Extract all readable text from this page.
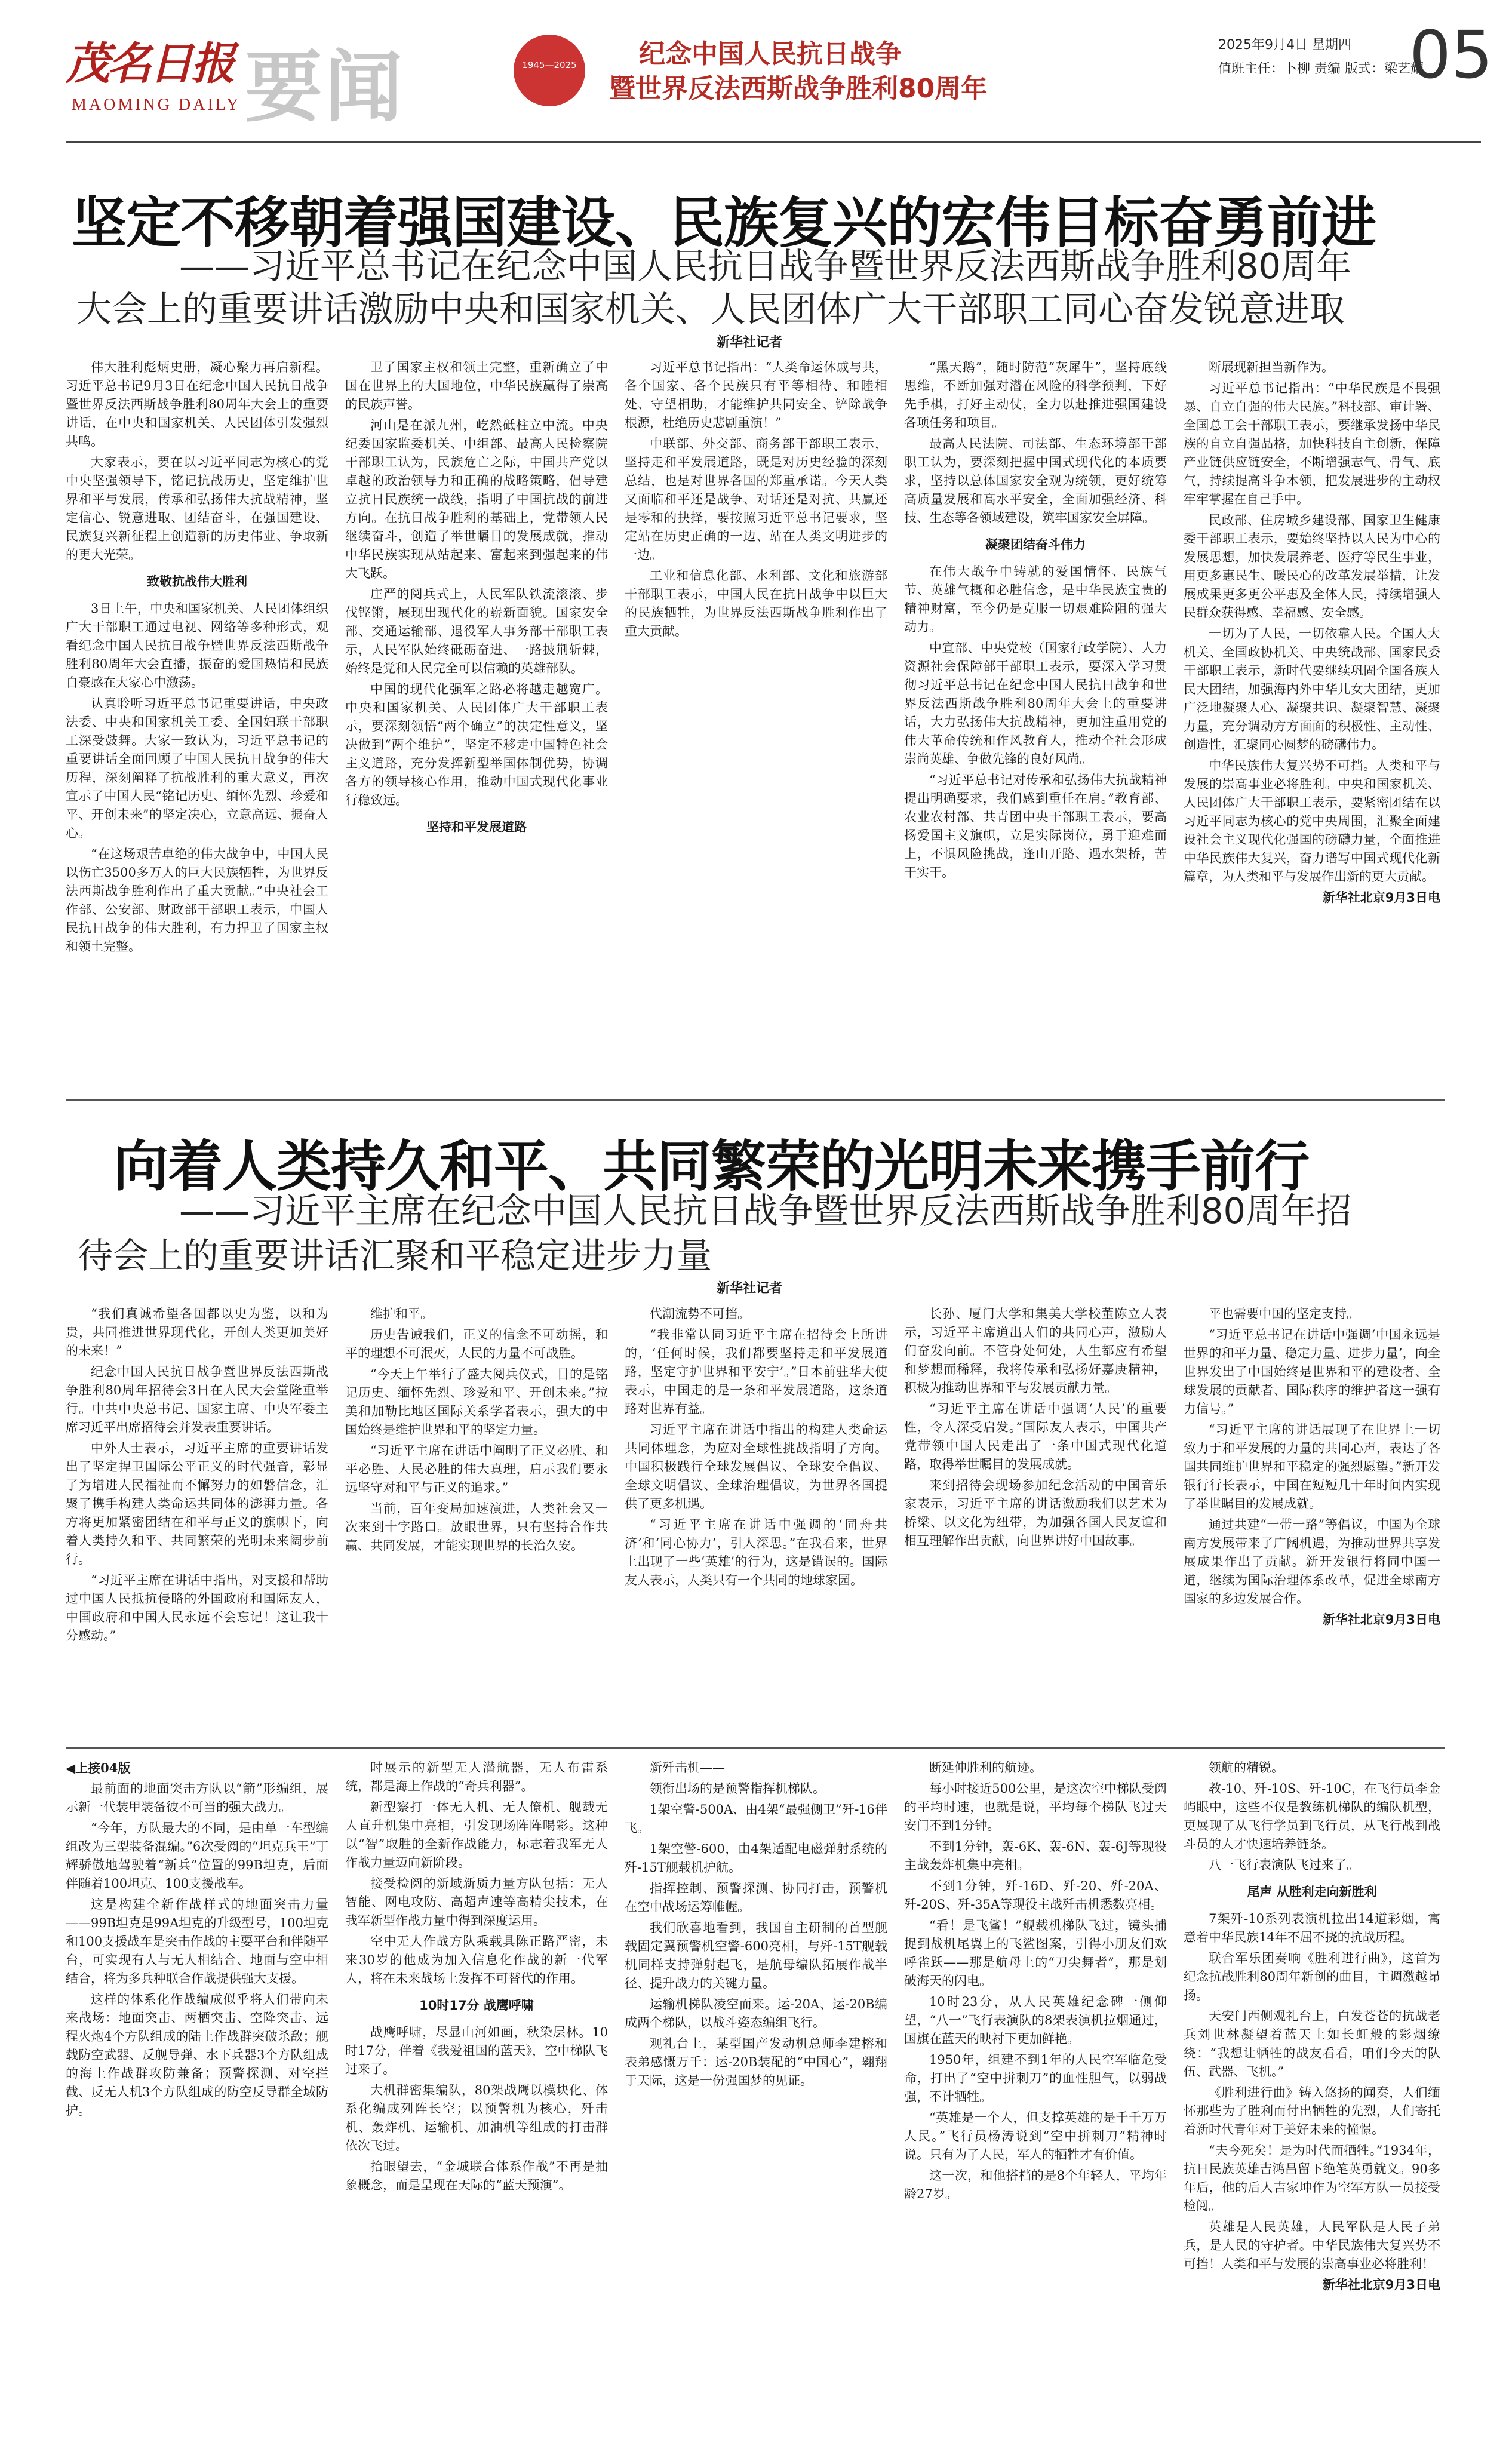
茂名日报
MAOMING DAILY 要闻	1945—2025	纪念中国人民抗日战争
暨世界反法西斯战争胜利80周年
2025年9月4日 星期四
值班主任：卜柳 责编 版式：梁艺耀
05
坚定不移朝着强国建设、民族复兴的宏伟目标奋勇前进
——习近平总书记在纪念中国人民抗日战争暨世界反法西斯战争胜利80周年
大会上的重要讲话激励中央和国家机关、人民团体广大干部职工同心奋发锐意进取
新华社记者

伟大胜利彪炳史册，凝心聚力再启新程。习近平总书记9月3日在纪念中国人民抗日战争暨世界反法西斯战争胜利80周年大会上的重要讲话，在中央和国家机关、人民团体引发强烈共鸣。

大家表示，要在以习近平同志为核心的党中央坚强领导下，铭记抗战历史，坚定维护世界和平与发展，传承和弘扬伟大抗战精神，坚定信心、锐意进取、团结奋斗，在强国建设、民族复兴新征程上创造新的历史伟业、争取新的更大光荣。

致敬抗战伟大胜利

3日上午，中央和国家机关、人民团体组织广大干部职工通过电视、网络等多种形式，观看纪念中国人民抗日战争暨世界反法西斯战争胜利80周年大会直播，振奋的爱国热情和民族自豪感在大家心中激荡。

认真聆听习近平总书记重要讲话，中央政法委、中央和国家机关工委、全国妇联干部职工深受鼓舞。大家一致认为，习近平总书记的重要讲话全面回顾了中国人民抗日战争的伟大历程，深刻阐释了抗战胜利的重大意义，再次宣示了中国人民“铭记历史、缅怀先烈、珍爱和平、开创未来”的坚定决心，立意高远、振奋人心。

“在这场艰苦卓绝的伟大战争中，中国人民以伤亡3500多万人的巨大民族牺牲，为世界反法西斯战争胜利作出了重大贡献。”中央社会工作部、公安部、财政部干部职工表示，中国人民抗日战争的伟大胜利，有力捍卫了国家主权和领土完整。

卫了国家主权和领土完整，重新确立了中国在世界上的大国地位，中华民族赢得了崇高的民族声誉。

河山是在派九州，屹然砥柱立中流。中央纪委国家监委机关、中组部、最高人民检察院干部职工认为，民族危亡之际，中国共产党以卓越的政治领导力和正确的战略策略，倡导建立抗日民族统一战线，指明了中国抗战的前进方向。在抗日战争胜利的基础上，党带领人民继续奋斗，创造了举世瞩目的发展成就，推动中华民族实现从站起来、富起来到强起来的伟大飞跃。

庄严的阅兵式上，人民军队铁流滚滚、步伐铿锵，展现出现代化的崭新面貌。国家安全部、交通运输部、退役军人事务部干部职工表示，人民军队始终砥砺奋进、一路披荆斩棘，始终是党和人民完全可以信赖的英雄部队。

中国的现代化强军之路必将越走越宽广。中央和国家机关、人民团体广大干部职工表示，要深刻领悟“两个确立”的决定性意义，坚决做到“两个维护”，坚定不移走中国特色社会主义道路，充分发挥新型举国体制优势，协调各方的领导核心作用，推动中国式现代化事业行稳致远。

坚持和平发展道路

习近平总书记指出：“人类命运休戚与共，各个国家、各个民族只有平等相待、和睦相处、守望相助，才能维护共同安全、铲除战争根源，杜绝历史悲剧重演！”

中联部、外交部、商务部干部职工表示，坚持走和平发展道路，既是对历史经验的深刻总结，也是对世界各国的郑重承诺。今天人类又面临和平还是战争、对话还是对抗、共赢还是零和的抉择，要按照习近平总书记要求，坚定站在历史正确的一边、站在人类文明进步的一边。

工业和信息化部、水利部、文化和旅游部干部职工表示，中国人民在抗日战争中以巨大的民族牺牲，为世界反法西斯战争胜利作出了重大贡献。

“黑天鹅”，随时防范“灰犀牛”，坚持底线思维，不断加强对潜在风险的科学预判，下好先手棋，打好主动仗，全力以赴推进强国建设各项任务和项目。

最高人民法院、司法部、生态环境部干部职工认为，要深刻把握中国式现代化的本质要求，坚持以总体国家安全观为统领，更好统筹高质量发展和高水平安全，全面加强经济、科技、生态等各领域建设，筑牢国家安全屏障。

凝聚团结奋斗伟力

在伟大战争中铸就的爱国情怀、民族气节、英雄气概和必胜信念，是中华民族宝贵的精神财富，至今仍是克服一切艰难险阻的强大动力。

中宣部、中央党校（国家行政学院）、人力资源社会保障部干部职工表示，要深入学习贯彻习近平总书记在纪念中国人民抗日战争和世界反法西斯战争胜利80周年大会上的重要讲话，大力弘扬伟大抗战精神，更加注重用党的伟大革命传统和作风教育人，推动全社会形成崇尚英雄、争做先锋的良好风尚。

“习近平总书记对传承和弘扬伟大抗战精神提出明确要求，我们感到重任在肩。”教育部、农业农村部、共青团中央干部职工表示，要高扬爱国主义旗帜，立足实际岗位，勇于迎难而上，不惧风险挑战，逢山开路、遇水架桥，苦干实干。

断展现新担当新作为。

习近平总书记指出：“中华民族是不畏强暴、自立自强的伟大民族。”科技部、审计署、全国总工会干部职工表示，要继承发扬中华民族的自立自强品格，加快科技自主创新，保障产业链供应链安全，不断增强志气、骨气、底气，持续提高斗争本领，把发展进步的主动权牢牢掌握在自己手中。

民政部、住房城乡建设部、国家卫生健康委干部职工表示，要始终坚持以人民为中心的发展思想，加快发展养老、医疗等民生事业，用更多惠民生、暖民心的改革发展举措，让发展成果更多更公平惠及全体人民，持续增强人民群众获得感、幸福感、安全感。

一切为了人民，一切依靠人民。全国人大机关、全国政协机关、中央统战部、国家民委干部职工表示，新时代要继续巩固全国各族人民大团结，加强海内外中华儿女大团结，更加广泛地凝聚人心、凝聚共识、凝聚智慧、凝聚力量，充分调动方方面面的积极性、主动性、创造性，汇聚同心圆梦的磅礴伟力。

中华民族伟大复兴势不可挡。人类和平与发展的崇高事业必将胜利。中央和国家机关、人民团体广大干部职工表示，要紧密团结在以习近平同志为核心的党中央周围，汇聚全面建设社会主义现代化强国的磅礴力量，全面推进中华民族伟大复兴，奋力谱写中国式现代化新篇章，为人类和平与发展作出新的更大贡献。

新华社北京9月3日电

向着人类持久和平、共同繁荣的光明未来携手前行
——习近平主席在纪念中国人民抗日战争暨世界反法西斯战争胜利80周年招
待会上的重要讲话汇聚和平稳定进步力量
新华社记者

“我们真诚希望各国都以史为鉴，以和为贵，共同推进世界现代化，开创人类更加美好的未来！”

纪念中国人民抗日战争暨世界反法西斯战争胜利80周年招待会3日在人民大会堂隆重举行。中共中央总书记、国家主席、中央军委主席习近平出席招待会并发表重要讲话。

中外人士表示，习近平主席的重要讲话发出了坚定捍卫国际公平正义的时代强音，彰显了为增进人民福祉而不懈努力的如磐信念，汇聚了携手构建人类命运共同体的澎湃力量。各方将更加紧密团结在和平与正义的旗帜下，向着人类持久和平、共同繁荣的光明未来阔步前行。

“习近平主席在讲话中指出，对支援和帮助过中国人民抵抗侵略的外国政府和国际友人，中国政府和中国人民永远不会忘记！这让我十分感动。”

维护和平。

历史告诫我们，正义的信念不可动摇，和平的理想不可泯灭，人民的力量不可战胜。

“今天上午举行了盛大阅兵仪式，目的是铭记历史、缅怀先烈、珍爱和平、开创未来。”拉美和加勒比地区国际关系学者表示，强大的中国始终是维护世界和平的坚定力量。

“习近平主席在讲话中阐明了正义必胜、和平必胜、人民必胜的伟大真理，启示我们要永远坚守对和平与正义的追求。”

当前，百年变局加速演进，人类社会又一次来到十字路口。放眼世界，只有坚持合作共赢、共同发展，才能实现世界的长治久安。

代潮流势不可挡。

“我非常认同习近平主席在招待会上所讲的，‘任何时候，我们都要坚持走和平发展道路，坚定守护世界和平安宁’。”日本前驻华大使表示，中国走的是一条和平发展道路，这条道路对世界有益。

习近平主席在讲话中指出的构建人类命运共同体理念，为应对全球性挑战指明了方向。中国积极践行全球发展倡议、全球安全倡议、全球文明倡议、全球治理倡议，为世界各国提供了更多机遇。

“习近平主席在讲话中强调的‘同舟共济’和‘同心协力’，引人深思。”在我看来，世界上出现了一些‘英雄’的行为，这是错误的。国际友人表示，人类只有一个共同的地球家园。

长孙、厦门大学和集美大学校董陈立人表示，习近平主席道出人们的共同心声，激励人们奋发向前。不管身处何处，人生都应有希望和梦想而稀释，我将传承和弘扬好嘉庚精神，积极为推动世界和平与发展贡献力量。

“习近平主席在讲话中强调‘人民’的重要性，令人深受启发。”国际友人表示，中国共产党带领中国人民走出了一条中国式现代化道路，取得举世瞩目的发展成就。

来到招待会现场参加纪念活动的中国音乐家表示，习近平主席的讲话激励我们以艺术为桥梁、以文化为纽带，为加强各国人民友谊和相互理解作出贡献，向世界讲好中国故事。

平也需要中国的坚定支持。

“习近平总书记在讲话中强调‘中国永远是世界的和平力量、稳定力量、进步力量’，向全世界发出了中国始终是世界和平的建设者、全球发展的贡献者、国际秩序的维护者这一强有力信号。”

“习近平主席的讲话展现了在世界上一切致力于和平发展的力量的共同心声，表达了各国共同维护世界和平稳定的强烈愿望。”新开发银行行长表示，中国在短短几十年时间内实现了举世瞩目的发展成就。

通过共建“一带一路”等倡议，中国为全球南方发展带来了广阔机遇，为推动世界共享发展成果作出了贡献。新开发银行将同中国一道，继续为国际治理体系改革，促进全球南方国家的多边发展合作。

新华社北京9月3日电

◀上接04版

最前面的地面突击方队以“箭”形编组，展示新一代装甲装备彼不可当的强大战力。

“今年，方队最大的不同，是由单一车型编组改为三型装备混编。”6次受阅的“坦克兵王”丁辉骄傲地驾驶着“新兵”位置的99B坦克，后面伴随着100坦克、100支援战车。

这是构建全新作战样式的地面突击力量——99B坦克是99A坦克的升级型号，100坦克和100支援战车是突击作战的主要平台和伴随平台，可实现有人与无人相结合、地面与空中相结合，将为多兵种联合作战提供强大支援。

这样的体系化作战编成似乎将人们带向未来战场：地面突击、两栖突击、空降突击、远程火炮4个方队组成的陆上作战群突破杀敌；舰载防空武器、反舰导弹、水下兵器3个方队组成的海上作战群攻防兼备；预警探测、对空拦截、反无人机3个方队组成的防空反导群全域防护。

时展示的新型无人潜航器，无人布雷系统，都是海上作战的“奇兵利器”。

新型察打一体无人机、无人僚机、舰载无人直升机集中亮相，引发现场阵阵喝彩。这种以“智”取胜的全新作战能力，标志着我军无人作战力量迈向新阶段。

接受检阅的新域新质力量方队包括：无人智能、网电攻防、高超声速等高精尖技术，在我军新型作战力量中得到深度运用。

空中无人作战方队乘载具陈正路严密，未来30岁的他成为加入信息化作战的新一代军人，将在未来战场上发挥不可替代的作用。

10时17分 战鹰呼啸

战鹰呼啸，尽显山河如画，秋染层林。10时17分，伴着《我爱祖国的蓝天》，空中梯队飞过来了。

大机群密集编队，80架战鹰以模块化、体系化编成列阵长空；以预警机为核心，歼击机、轰炸机、运输机、加油机等组成的打击群依次飞过。

抬眼望去，“金城联合体系作战”不再是抽象概念，而是呈现在天际的“蓝天预演”。

新歼击机——

领衔出场的是预警指挥机梯队。

1架空警-500A、由4架“最强侧卫”歼-16伴飞。

1架空警-600，由4架适配电磁弹射系统的歼-15T舰载机护航。

指挥控制、预警探测、协同打击，预警机在空中战场运筹帷幄。

我们欣喜地看到，我国自主研制的首型舰载固定翼预警机空警-600亮相，与歼-15T舰载机同样支持弹射起飞，是航母编队拓展作战半径、提升战力的关键力量。

运输机梯队凌空而来。运-20A、运-20B编成两个梯队，以战斗姿态编组飞行。

观礼台上，某型国产发动机总师李建榕和表弟感慨万千：运-20B装配的“中国心”，翱翔于天际，这是一份强国梦的见证。

断延伸胜利的航迹。

每小时接近500公里，是这次空中梯队受阅的平均时速，也就是说，平均每个梯队飞过天安门不到1分钟。

不到1分钟，轰-6K、轰-6N、轰-6J等现役主战轰炸机集中亮相。

不到1分钟，歼-16D、歼-20、歼-20A、歼-20S、歼-35A等现役主战歼击机悉数亮相。

“看！是飞鲨！”舰载机梯队飞过，镜头捕捉到战机尾翼上的飞鲨图案，引得小朋友们欢呼雀跃——那是航母上的“刀尖舞者”，那是划破海天的闪电。

10时23分，从人民英雄纪念碑一侧仰望，“八一”飞行表演队的8架表演机拉烟通过，国旗在蓝天的映衬下更加鲜艳。

1950年，组建不到1年的人民空军临危受命，打出了“空中拼刺刀”的血性胆气，以弱战强，不计牺牲。

“英雄是一个人，但支撑英雄的是千千万万人民。”飞行员杨涛说到“空中拼刺刀”精神时说。只有为了人民，军人的牺牲才有价值。

这一次，和他搭档的是8个年轻人，平均年龄27岁。

领航的精锐。

教-10、歼-10S、歼-10C，在飞行员李金屿眼中，这些不仅是教练机梯队的编队机型，更展现了从飞行学员到飞行员，从飞行战到战斗员的人才快速培养链条。

八一飞行表演队飞过来了。

尾声 从胜利走向新胜利

7架歼-10系列表演机拉出14道彩烟，寓意着中华民族14年不屈不挠的抗战历程。

联合军乐团奏响《胜利进行曲》，这首为纪念抗战胜利80周年新创的曲目，主调激越昂扬。

天安门西侧观礼台上，白发苍苍的抗战老兵刘世林凝望着蓝天上如长虹般的彩烟缭绕：“我想让牺牲的战友看看，咱们今天的队伍、武器、飞机。”

《胜利进行曲》铸入悠扬的闻奏，人们缅怀那些为了胜利而付出牺牲的先烈，人们寄托着新时代青年对于美好未来的憧憬。

“夫今死矣！是为时代而牺牲。”1934年，抗日民族英雄吉鸿昌留下绝笔英勇就义。90多年后，他的后人吉家坤作为空军方队一员接受检阅。

英雄是人民英雄，人民军队是人民子弟兵，是人民的守护者。中华民族伟大复兴势不可挡！人类和平与发展的崇高事业必将胜利！

新华社北京9月3日电
